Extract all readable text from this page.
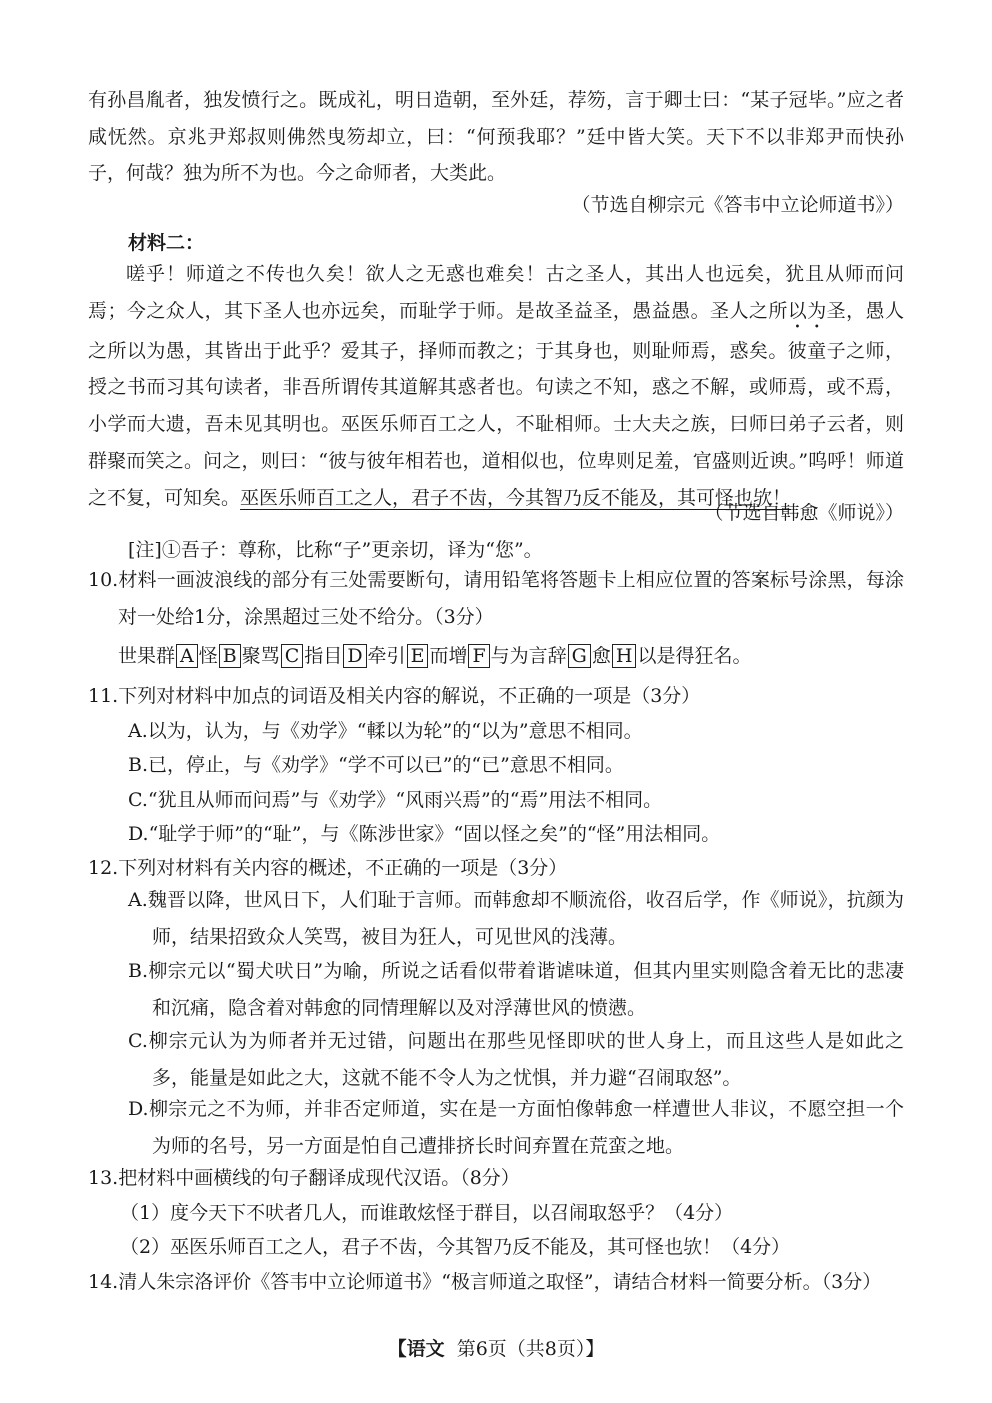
有孙昌胤者，独发愤行之。既成礼，明日造朝，至外廷，荐笏，言于卿士曰：“某子冠毕。”应之者咸怃然。京兆尹郑叔则佛然曳笏却立，曰：“何预我耶？”廷中皆大笑。天下不以非郑尹而快孙子，何哉？独为所不为也。今之命师者，大类此。

（节选自柳宗元《答韦中立论师道书》）
材料二：

嗟乎！师道之不传也久矣！欲人之无惑也难矣！古之圣人，其出人也远矣，犹且从师而问焉；今之众人，其下圣人也亦远矣，而耻学于师。是故圣益圣，愚益愚。圣人之所以为圣，愚人之所以为愚，其皆出于此乎？爱其子，择师而教之；于其身也，则耻师焉，惑矣。彼童子之师，授之书而习其句读者，非吾所谓传其道解其惑者也。句读之不知，惑之不解，或师焉，或不焉，小学而大遗，吾未见其明也。巫医乐师百工之人，不耻相师。士大夫之族，曰师曰弟子云者，则群聚而笑之。问之，则曰：“彼与彼年相若也，道相似也，位卑则足羞，官盛则近谀。”呜呼！师道之不复，可知矣。巫医乐师百工之人，君子不齿，今其智乃反不能及，其可怪也欤！

（节选自韩愈《师说》）
[注]①吾子：尊称，比称“子”更亲切，译为“您”。

10.材料一画波浪线的部分有三处需要断句，请用铅笔将答题卡上相应位置的答案标号涂黑，每涂对一处给1分，涂黑超过三处不给分。（3分）

世果群 A 怪 B 聚骂 C 指目 D 牵引 E 而增 F 与为言辞 G 愈 H 以是得狂名。
11.下列对材料中加点的词语及相关内容的解说，不正确的一项是（3分）
A.以为，认为，与《劝学》“輮以为轮”的“以为”意思不相同。
B.已，停止，与《劝学》“学不可以已”的“已”意思不相同。
C.“犹且从师而问焉”与《劝学》“风雨兴焉”的“焉”用法不相同。
D.“耻学于师”的“耻”，与《陈涉世家》“固以怪之矣”的“怪”用法相同。
12.下列对材料有关内容的概述，不正确的一项是（3分）

A.魏晋以降，世风日下，人们耻于言师。而韩愈却不顺流俗，收召后学，作《师说》，抗颜为师，结果招致众人笑骂，被目为狂人，可见世风的浅薄。

B.柳宗元以“蜀犬吠日”为喻，所说之话看似带着谐谑味道，但其内里实则隐含着无比的悲凄和沉痛，隐含着对韩愈的同情理解以及对浮薄世风的愤懑。

C.柳宗元认为为师者并无过错，问题出在那些见怪即吠的世人身上，而且这些人是如此之多，能量是如此之大，这就不能不令人为之忧惧，并力避“召闹取怒”。

D.柳宗元之不为师，并非否定师道，实在是一方面怕像韩愈一样遭世人非议，不愿空担一个为师的名号，另一方面是怕自己遭排挤长时间弃置在荒蛮之地。

13.把材料中画横线的句子翻译成现代汉语。（8分）
（1）度今天下不吠者几人，而谁敢炫怪于群目，以召闹取怒乎？（4分）
（2）巫医乐师百工之人，君子不齿，今其智乃反不能及，其可怪也欤！（4分）
14.清人朱宗洛评价《答韦中立论师道书》“极言师道之取怪”，请结合材料一简要分析。（3分）
【语文 第6页（共8页）】
